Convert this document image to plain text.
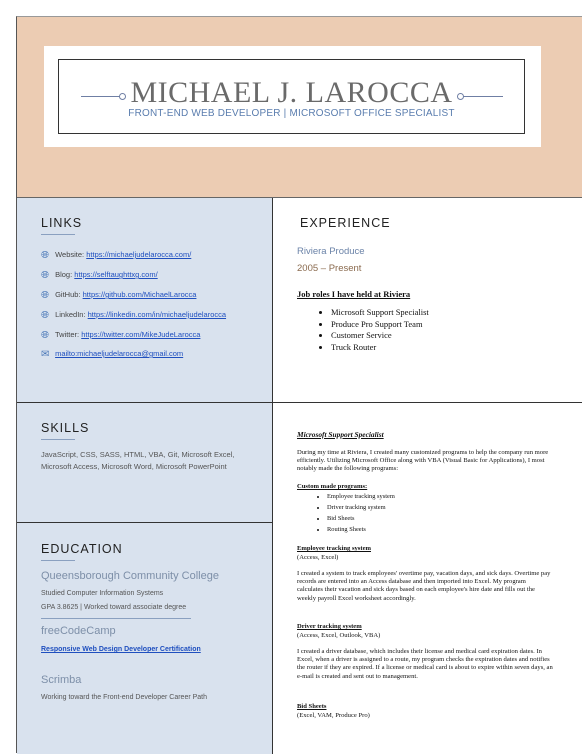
MICHAEL J. LAROCCA
FRONT-END WEB DEVELOPER | MICROSOFT OFFICE SPECIALIST
LINKS
🌐︎ Website: https://michaeljudelarocca.com/
🌐︎ Blog: https://selftaughttxg.com/
🌐︎ GitHub: https://github.com/MichaelLarocca
🌐︎ LinkedIn: https://linkedin.com/in/michaeljudelarocca
🌐︎ Twitter: https://twitter.com/MikeJudeLarocca
✉︎ mailto:michaeljudelarocca@gmail.com
SKILLS
JavaScript, CSS, SASS, HTML, VBA, Git, Microsoft Excel, Microsoft Access, Microsoft Word, Microsoft PowerPoint
EDUCATION
Queensborough Community College
Studied Computer Information Systems
GPA 3.8625 | Worked toward associate degree
freeCodeCamp
Responsive Web Design Developer Certification
Scrimba
Working toward the Front-end Developer Career Path
EXPERIENCE
Riviera Produce
2005 – Present
Job roles I have held at Riviera
• Microsoft Support Specialist
• Produce Pro Support Team
• Customer Service
• Truck Router
Microsoft Support Specialist
During my time at Riviera, I created many customized programs to help the company run more efficiently. Utilizing Microsoft Office along with VBA (Visual Basic for Applications), I most notably made the following programs:
Custom made programs:
• Employee tracking system
• Driver tracking system
• Bid Sheets
• Routing Sheets
Employee tracking system
(Access, Excel)
I created a system to track employees' overtime pay, vacation days, and sick days. Overtime pay records are entered into an Access database and then imported into Excel. My program calculates their vacation and sick days based on each employee's hire date and fills out the weekly payroll Excel worksheet accordingly.
Driver tracking system
(Access, Excel, Outlook, VBA)
I created a driver database, which includes their license and medical card expiration dates. In Excel, when a driver is assigned to a route, my program checks the expiration dates and notifies the router if they are expired. If a license or medical card is about to expire within seven days, an e-mail is created and sent out to management.
Bid Sheets
(Excel, VAM, Produce Pro)
